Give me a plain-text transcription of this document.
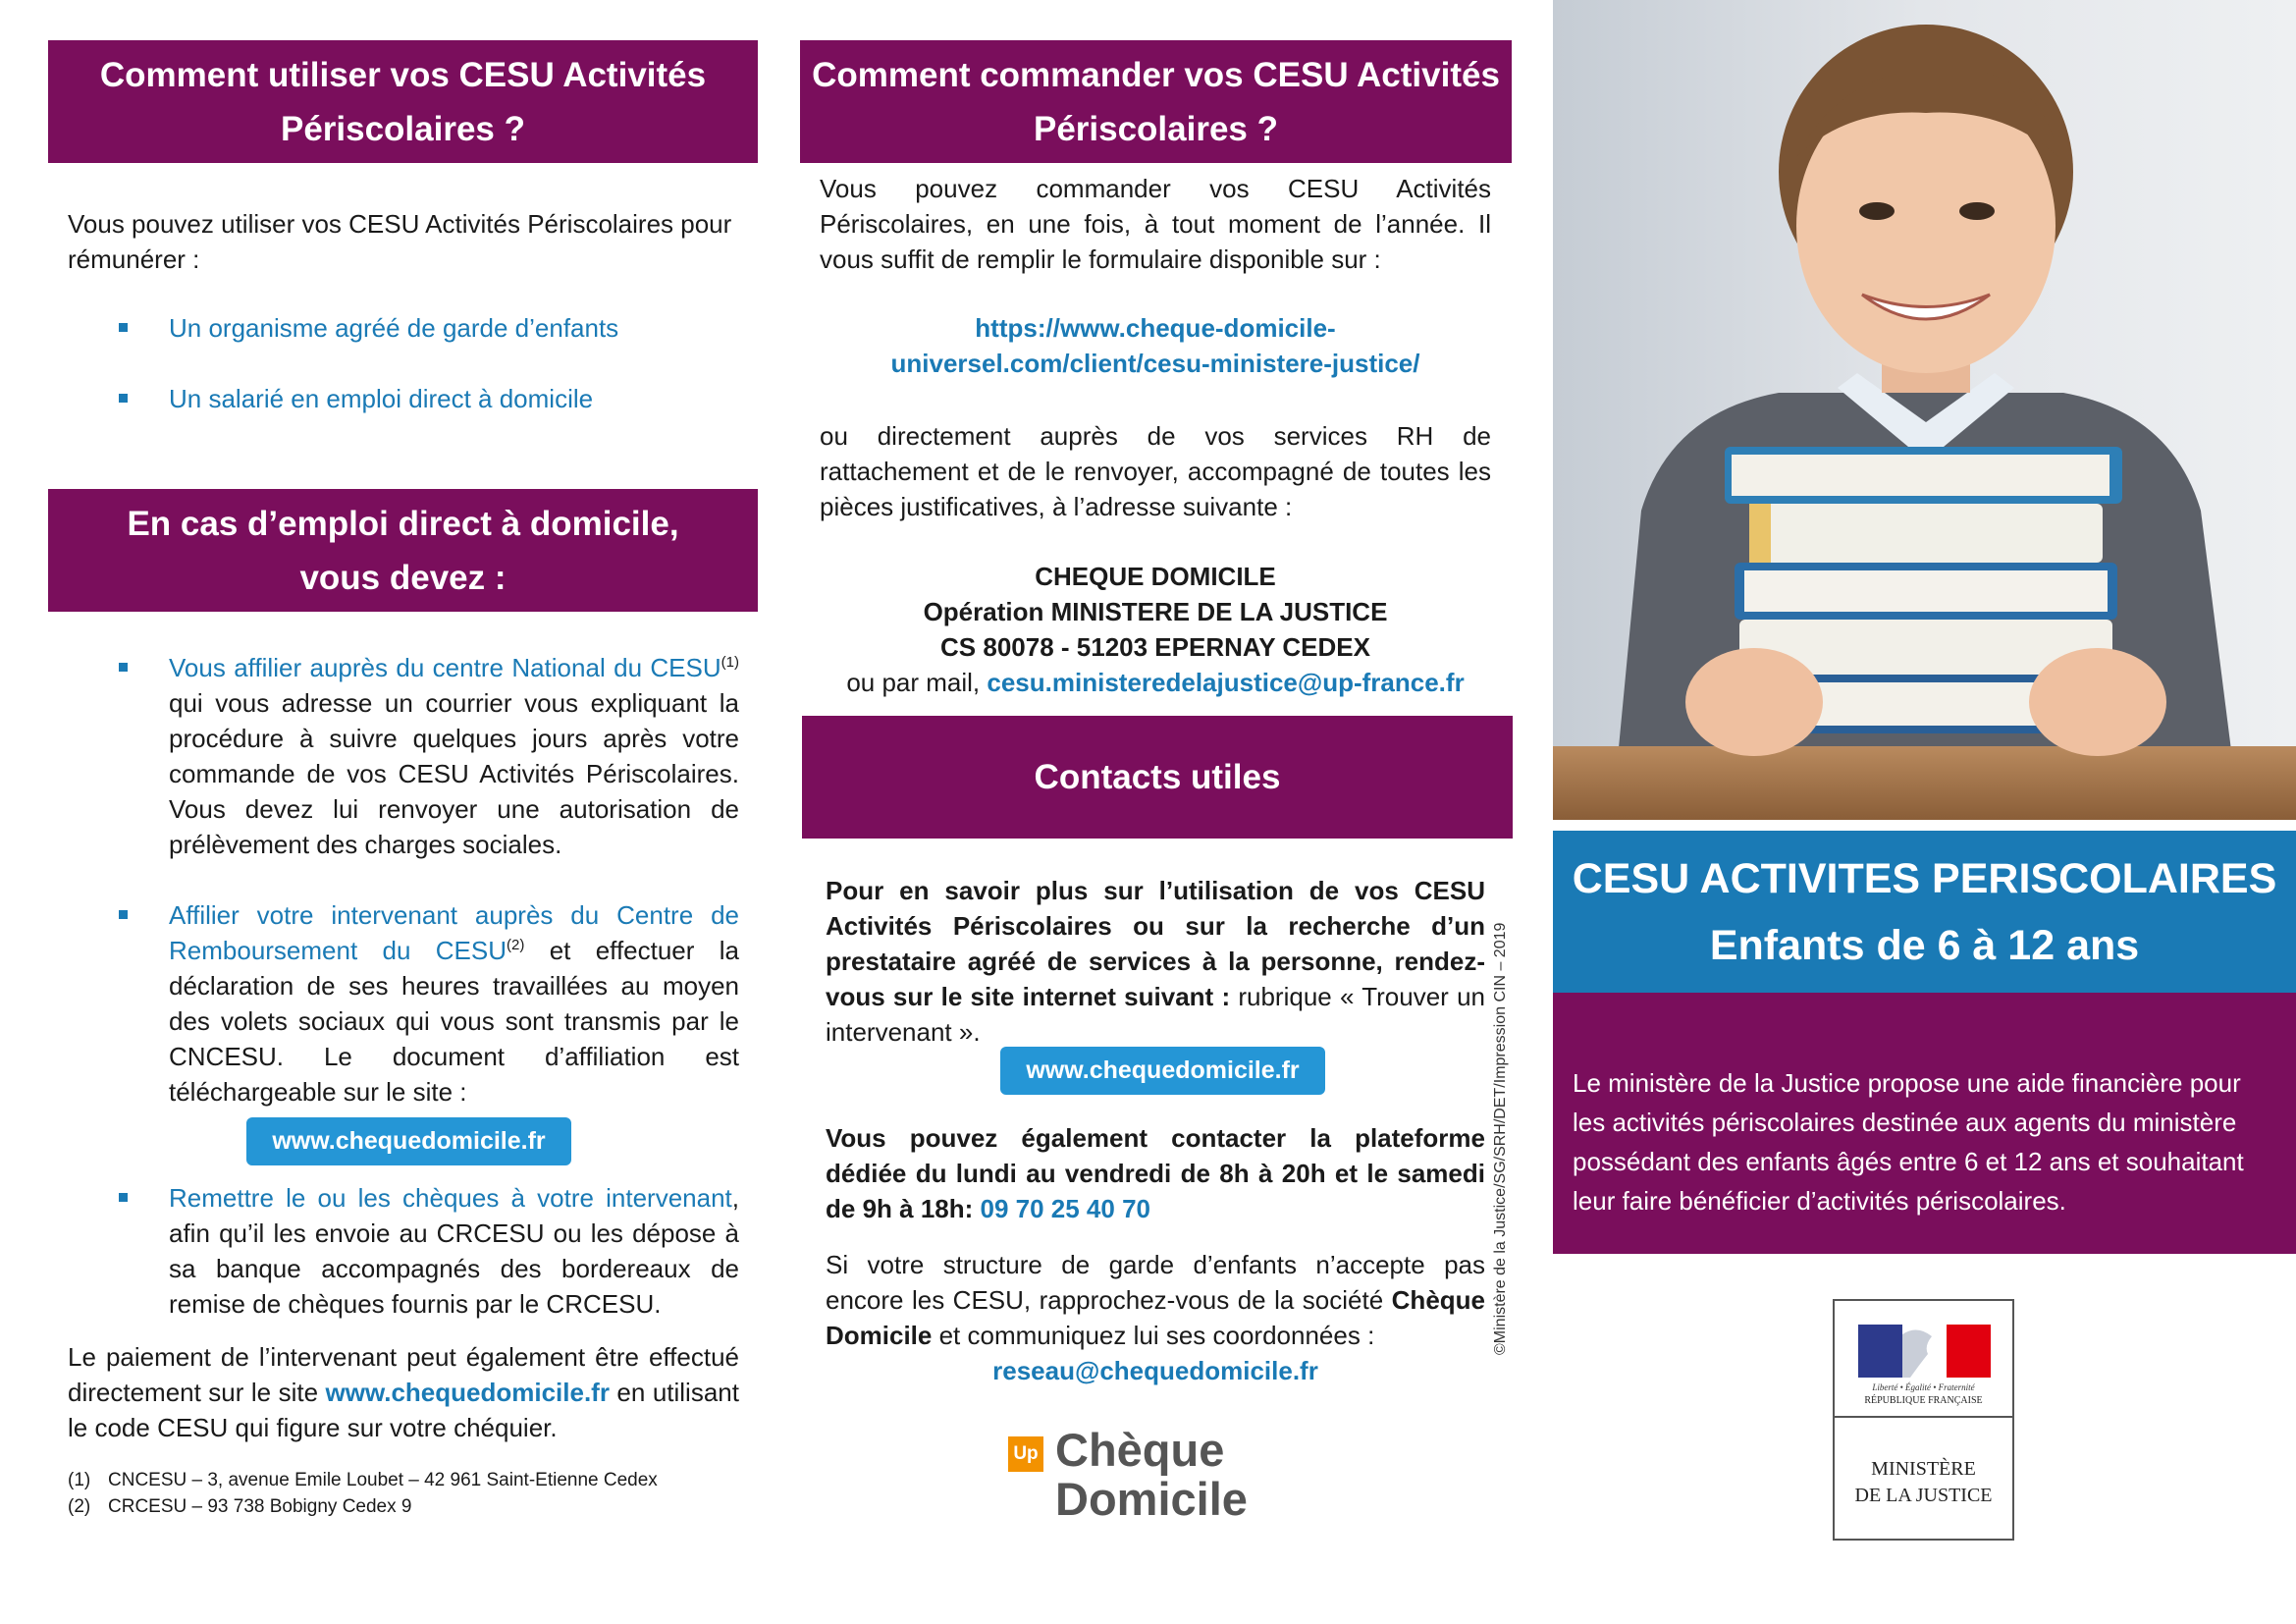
Comment utiliser vos CESU Activités
Périscolaires ?

Vous pouvez utiliser vos CESU Activités Périscolaires pour rémunérer :

Un organisme agréé de garde d’enfants
Un salarié en emploi direct à domicile
En cas d’emploi direct à domicile,
vous devez :
Vous affilier auprès du centre National du CESU$^{(1)}$ qui vous adresse un courrier vous expliquant la procédure à suivre quelques jours après votre commande de vos CESU Activités Périscolaires. Vous devez lui renvoyer une autorisation de prélèvement des charges sociales.
Affilier votre intervenant auprès du Centre de Remboursement du CESU$^{(2)}$ et effectuer la déclaration de ses heures travaillées au moyen des volets sociaux qui vous sont transmis par le CNCESU. Le document d’affiliation est téléchargeable sur le site :
www.chequedomicile.fr
Remettre le ou les chèques à votre intervenant, afin qu’il les envoie au CRCESU ou les dépose à sa banque accompagnés des bordereaux de remise de chèques fournis par le CRCESU.

Le paiement de l’intervenant peut également être effectué directement sur le site www.chequedomicile.fr en utilisant le code CESU qui figure sur votre chéquier.

(1) CNCESU – 3, avenue Emile Loubet – 42 961 Saint-Etienne Cedex
(2) CRCESU – 93 738 Bobigny Cedex 9
Comment commander vos CESU Activités
Périscolaires ?

Vous pouvez commander vos CESU Activités Périscolaires, en une fois, à tout moment de l’année. Il vous suffit de remplir le formulaire disponible sur :

https://www.cheque-domicile-
universel.com/client/cesu-ministere-justice/

ou directement auprès de vos services RH de rattachement et de le renvoyer, accompagné de toutes les pièces justificatives, à l’adresse suivante :

CHEQUE DOMICILE
Opération MINISTERE DE LA JUSTICE
CS 80078 - 51203 EPERNAY CEDEX
ou par mail, cesu.ministeredelajustice@up-france.fr
Contacts utiles

Pour en savoir plus sur l’utilisation de vos CESU Activités Périscolaires ou sur la recherche d’un prestataire agréé de services à la personne, rendez-vous sur le site internet suivant : rubrique « Trouver un intervenant ».

www.chequedomicile.fr

Vous pouvez également contacter la plateforme dédiée du lundi au vendredi de 8h à 20h et le samedi de 9h à 18h: 09 70 25 40 70

Si votre structure de garde d’enfants n’accepte pas encore les CESU, rapprochez-vous de la société Chèque Domicile et communiquez lui ses coordonnées :

reseau@chequedomicile.fr
Up Chèque
Domicile
©Ministère de la Justice/SG/SRH/DET/Impression CIN – 2019
CESU ACTIVITES PERISCOLAIRES
Enfants de 6 à 12 ans

Le ministère de la Justice propose une aide financière pour les activités périscolaires destinée aux agents du ministère possédant des enfants âgés entre 6 et 12 ans et souhaitant leur faire bénéficier d’activités périscolaires.

Liberté • Égalité • Fraternité
RÉPUBLIQUE FRANÇAISE
MINISTÈRE
DE LA JUSTICE
